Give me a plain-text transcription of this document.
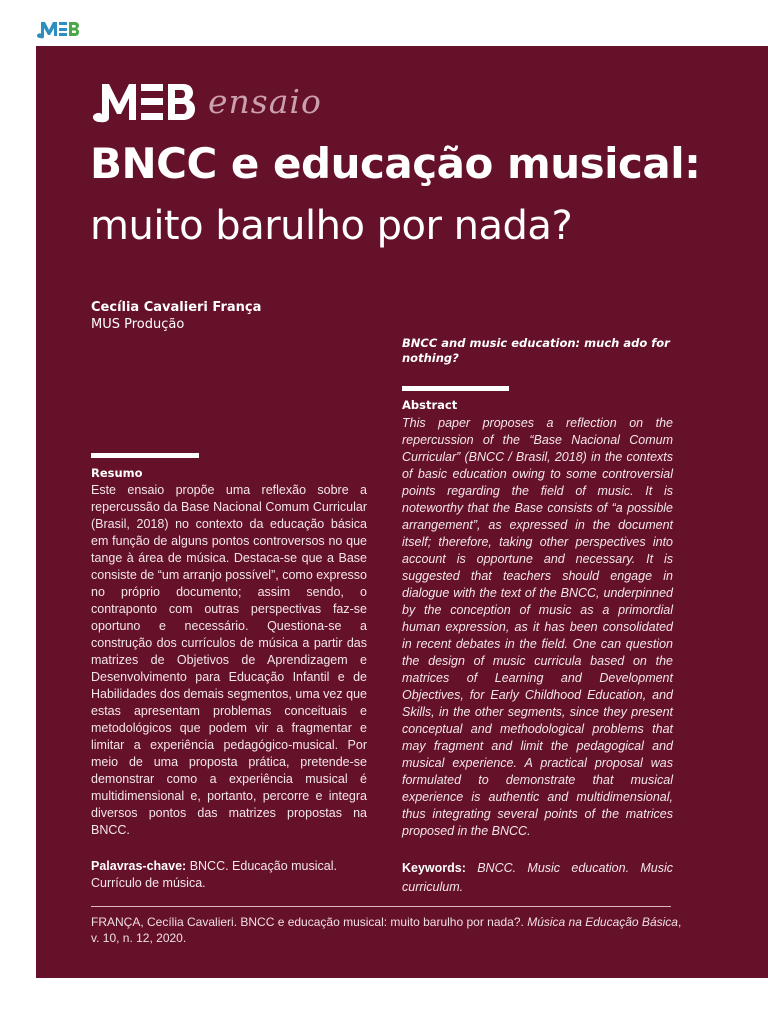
ensaio
BNCC e educação musical: muito barulho por nada?
Cecília Cavalieri França
MUS Produção
BNCC and music education: much ado for nothing?
Abstract
This paper proposes a reflection on the repercussion of the “Base Nacional Comum Curricular” (BNCC / Brasil, 2018) in the contexts of basic education owing to some controversial points regarding the field of music. It is noteworthy that the Base consists of “a possible arrangement”, as expressed in the document itself; therefore, taking other perspectives into account is opportune and necessary. It is suggested that teachers should engage in dialogue with the text of the BNCC, underpinned by the conception of music as a primordial human expression, as it has been consolidated in recent debates in the field. One can question the design of music curricula based on the matrices of Learning and Development Objectives, for Early Childhood Education, and Skills, in the other segments, since they present conceptual and methodological problems that may fragment and limit the pedagogical and musical experience. A practical proposal was formulated to demonstrate that musical experience is authentic and multidimensional, thus integrating several points of the matrices proposed in the BNCC.
Resumo
Este ensaio propõe uma reflexão sobre a repercussão da Base Nacional Comum Curricular (Brasil, 2018) no contexto da educação básica em função de alguns pontos controversos no que tange à área de música. Destaca-se que a Base consiste de “um arranjo possível”, como expresso no próprio documento; assim sendo, o contraponto com outras perspectivas faz-se oportuno e necessário. Questiona-se a construção dos currículos de música a partir das matrizes de Objetivos de Aprendizagem e Desenvolvimento para Educação Infantil e de Habilidades dos demais segmentos, uma vez que estas apresentam problemas conceituais e metodológicos que podem vir a fragmentar e limitar a experiência pedagógico-musical. Por meio de uma proposta prática, pretende-se demonstrar como a experiência musical é multidimensional e, portanto, percorre e integra diversos pontos das matrizes propostas na BNCC.
Palavras-chave: BNCC. Educação musical. Currículo de música.
Keywords: BNCC. Music education. Music curriculum.
FRANÇA, Cecília Cavalieri. BNCC e educação musical: muito barulho por nada?. Música na Educação Básica, v. 10, n. 12, 2020.
